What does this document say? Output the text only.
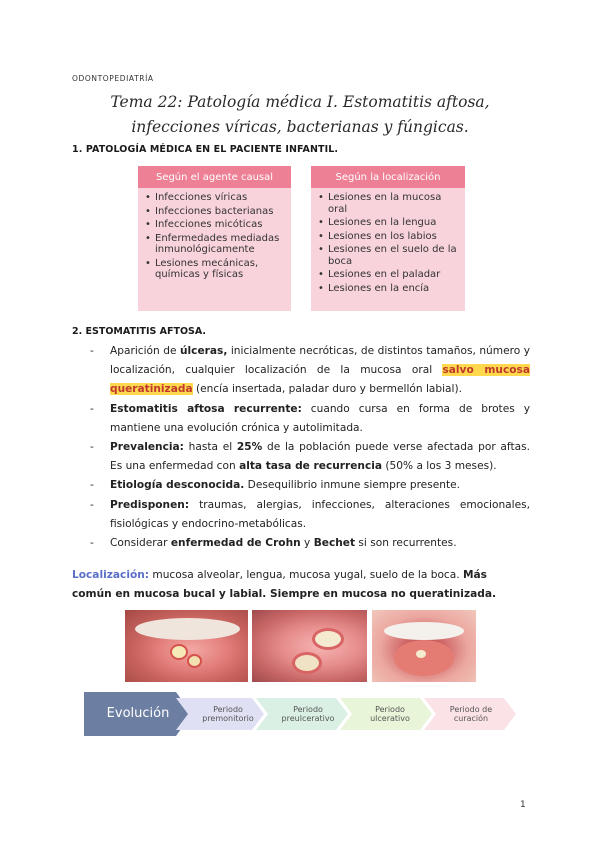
ODONTOPEDIATRÍA
Tema 22: Patología médica I. Estomatitis aftosa, infecciones víricas, bacterianas y fúngicas.
1. PATOLOGÍA MÉDICA EN EL PACIENTE INFANTIL.
Según el agente causal
• Infecciones víricas
• Infecciones bacterianas
• Infecciones micóticas
• Enfermedades mediadas inmunológicamente
• Lesiones mecánicas, químicas y físicas
Según la localización
• Lesiones en la mucosa oral
• Lesiones en la lengua
• Lesiones en los labios
• Lesiones en el suelo de la boca
• Lesiones en el paladar
• Lesiones en la encía
2. ESTOMATITIS AFTOSA.
- Aparición de úlceras, inicialmente necróticas, de distintos tamaños, número y localización, cualquier localización de la mucosa oral salvo mucosa queratinizada (encía insertada, paladar duro y bermellón labial).
- Estomatitis aftosa recurrente: cuando cursa en forma de brotes y mantiene una evolución crónica y autolimitada.
- Prevalencia: hasta el 25% de la población puede verse afectada por aftas. Es una enfermedad con alta tasa de recurrencia (50% a los 3 meses).
- Etiología desconocida. Desequilibrio inmune siempre presente.
- Predisponen: traumas, alergias, infecciones, alteraciones emocionales, fisiológicas y endocrino-metabólicas.
- Considerar enfermedad de Crohn y Bechet si son recurrentes.
Localización: mucosa alveolar, lengua, mucosa yugal, suelo de la boca. Más común en mucosa bucal y labial. Siempre en mucosa no queratinizada.
Evolución	Periodo premonitorio
Periodo preulcerativo
Periodo ulcerativo
Periodo de curación
1
